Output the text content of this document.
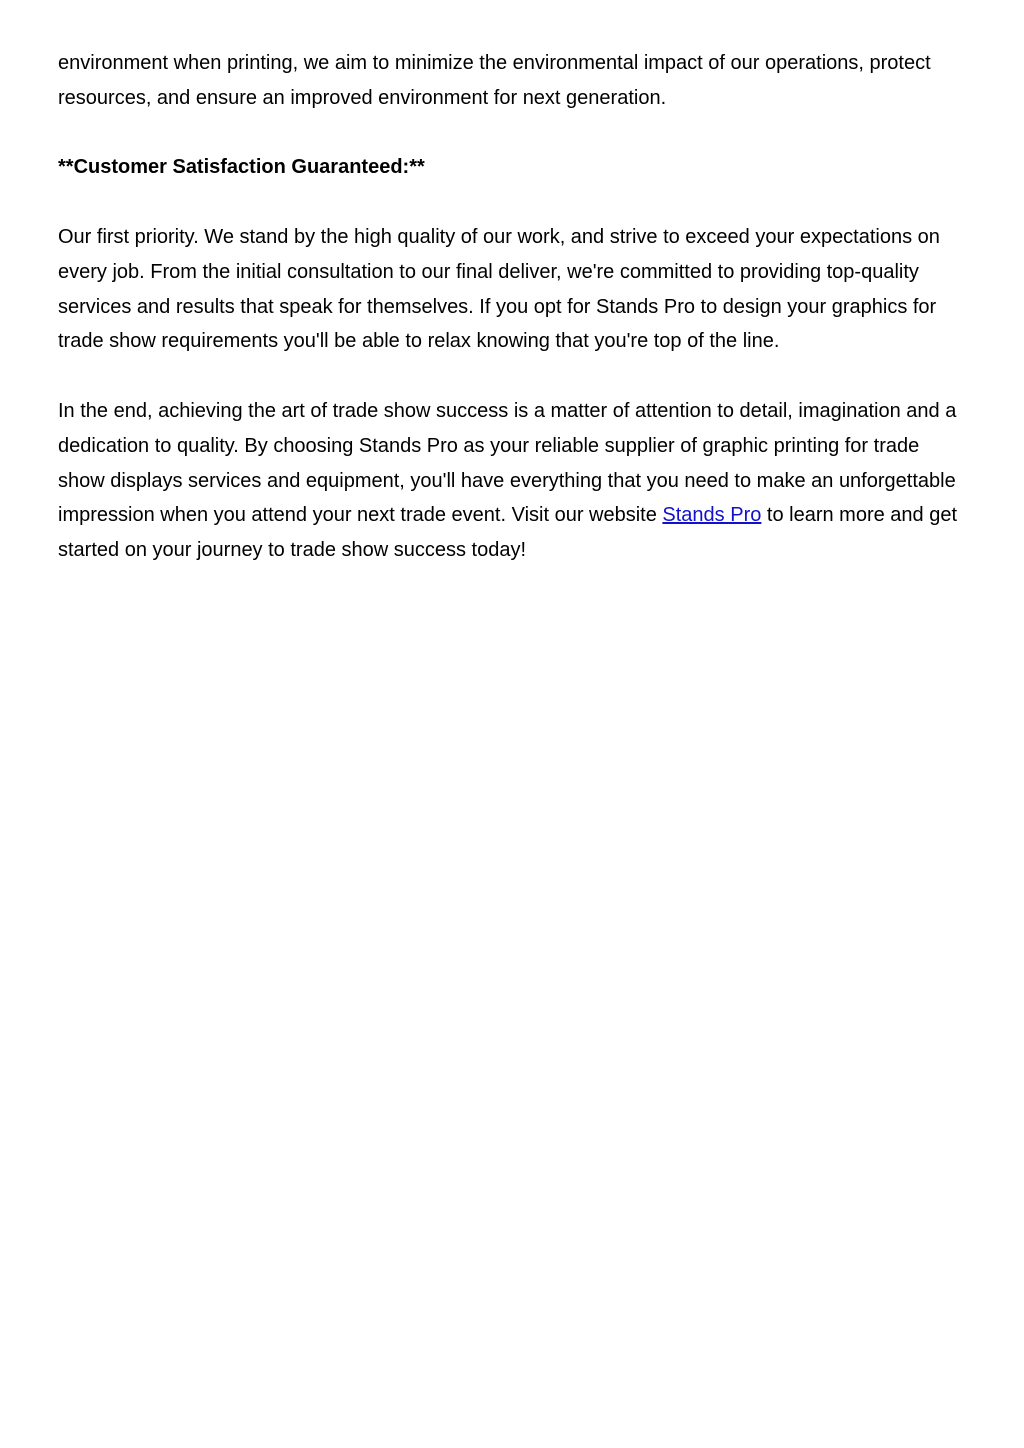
environment when printing, we aim to minimize the environmental impact of our operations, protect resources, and ensure an improved environment for next generation.

**Customer Satisfaction Guaranteed:**

Our first priority. We stand by the high quality of our work, and strive to exceed your expectations on every job. From the initial consultation to our final deliver, we're committed to providing top-quality services and results that speak for themselves. If you opt for Stands Pro to design your graphics for trade show requirements you'll be able to relax knowing that you're top of the line.

In the end, achieving the art of trade show success is a matter of attention to detail, imagination and a dedication to quality. By choosing Stands Pro as your reliable supplier of graphic printing for trade show displays services and equipment, you'll have everything that you need to make an unforgettable impression when you attend your next trade event. Visit our website Stands Pro to learn more and get started on your journey to trade show success today!
